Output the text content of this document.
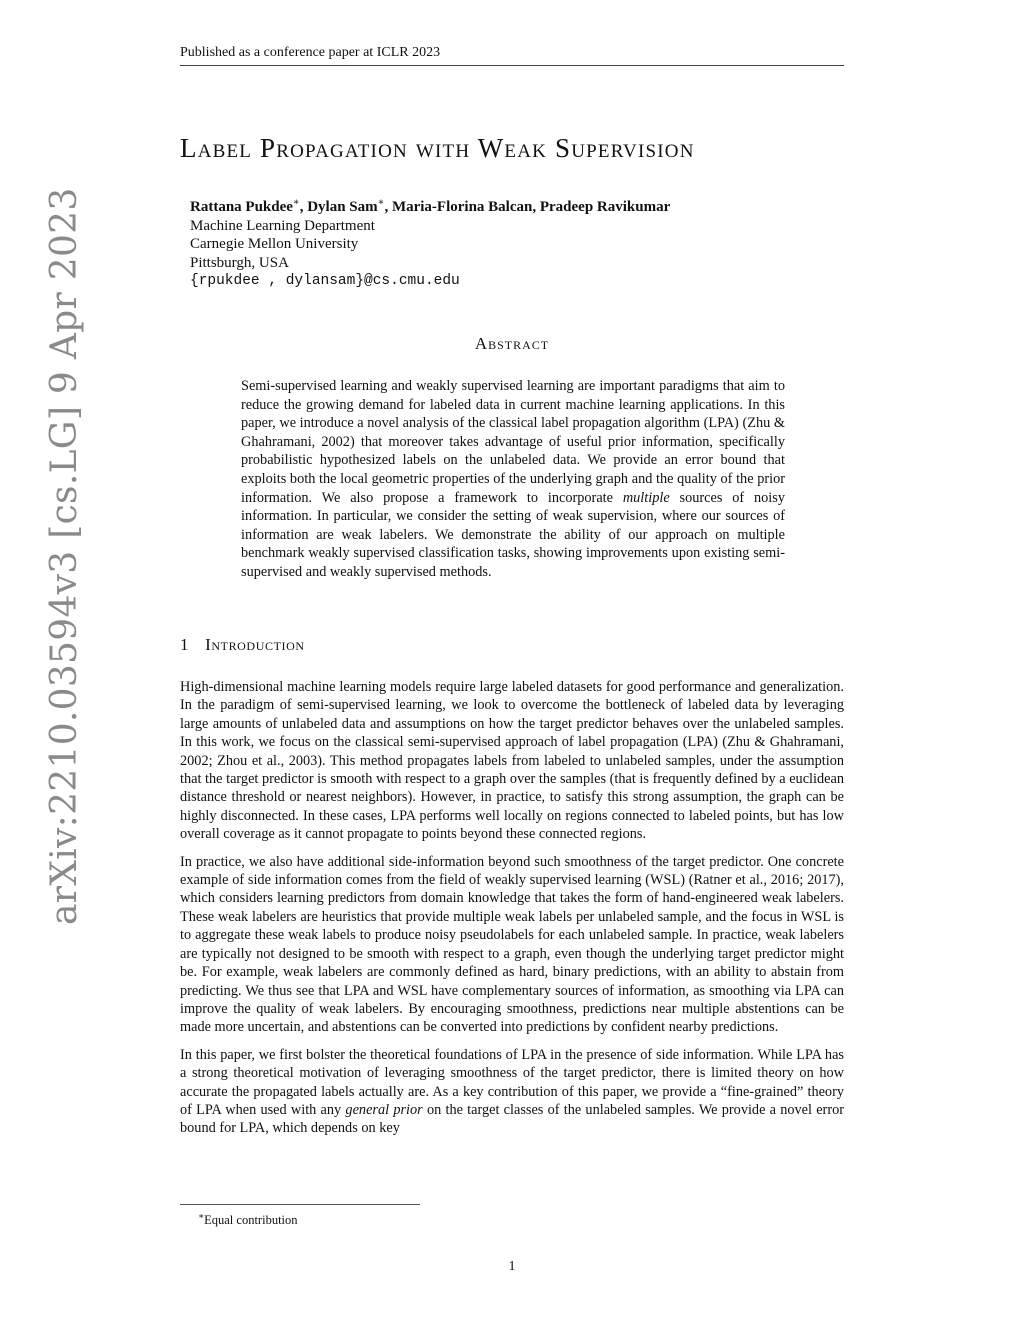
Published as a conference paper at ICLR 2023
Label Propagation with Weak Supervision
Rattana Pukdee∗, Dylan Sam∗, Maria-Florina Balcan, Pradeep Ravikumar
Machine Learning Department
Carnegie Mellon University
Pittsburgh, USA
{rpukdee , dylansam}@cs.cmu.edu
Abstract

Semi-supervised learning and weakly supervised learning are important paradigms that aim to reduce the growing demand for labeled data in current machine learning applications. In this paper, we introduce a novel analysis of the classical label propagation algorithm (LPA) (Zhu & Ghahramani, 2002) that moreover takes advantage of useful prior information, specifically probabilistic hypothesized labels on the unlabeled data. We provide an error bound that exploits both the local geometric properties of the underlying graph and the quality of the prior information. We also propose a framework to incorporate multiple sources of noisy information. In particular, we consider the setting of weak supervision, where our sources of information are weak labelers. We demonstrate the ability of our approach on multiple benchmark weakly supervised classification tasks, showing improvements upon existing semi-supervised and weakly supervised methods.

1 Introduction

High-dimensional machine learning models require large labeled datasets for good performance and generalization. In the paradigm of semi-supervised learning, we look to overcome the bottleneck of labeled data by leveraging large amounts of unlabeled data and assumptions on how the target predictor behaves over the unlabeled samples. In this work, we focus on the classical semi-supervised approach of label propagation (LPA) (Zhu & Ghahramani, 2002; Zhou et al., 2003). This method propagates labels from labeled to unlabeled samples, under the assumption that the target predictor is smooth with respect to a graph over the samples (that is frequently defined by a euclidean distance threshold or nearest neighbors). However, in practice, to satisfy this strong assumption, the graph can be highly disconnected. In these cases, LPA performs well locally on regions connected to labeled points, but has low overall coverage as it cannot propagate to points beyond these connected regions.

In practice, we also have additional side-information beyond such smoothness of the target predictor. One concrete example of side information comes from the field of weakly supervised learning (WSL) (Ratner et al., 2016; 2017), which considers learning predictors from domain knowledge that takes the form of hand-engineered weak labelers. These weak labelers are heuristics that provide multiple weak labels per unlabeled sample, and the focus in WSL is to aggregate these weak labels to produce noisy pseudolabels for each unlabeled sample. In practice, weak labelers are typically not designed to be smooth with respect to a graph, even though the underlying target predictor might be. For example, weak labelers are commonly defined as hard, binary predictions, with an ability to abstain from predicting. We thus see that LPA and WSL have complementary sources of information, as smoothing via LPA can improve the quality of weak labelers. By encouraging smoothness, predictions near multiple abstentions can be made more uncertain, and abstentions can be converted into predictions by confident nearby predictions.

In this paper, we first bolster the theoretical foundations of LPA in the presence of side information. While LPA has a strong theoretical motivation of leveraging smoothness of the target predictor, there is limited theory on how accurate the propagated labels actually are. As a key contribution of this paper, we provide a “fine-grained” theory of LPA when used with any general prior on the target classes of the unlabeled samples. We provide a novel error bound for LPA, which depends on key

arXiv:2210.03594v3 [cs.LG] 9 Apr 2023
∗Equal contribution
1
